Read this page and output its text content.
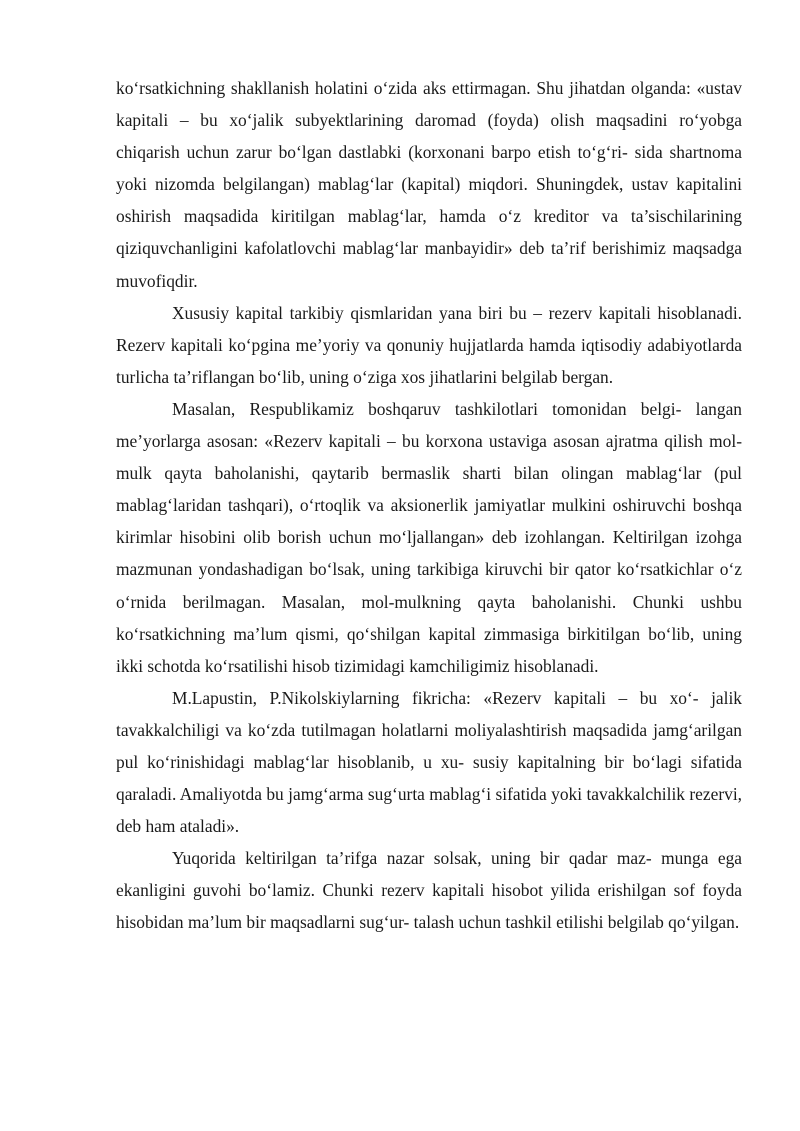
ko‘rsatkichning shakllanish holatini o‘zida aks ettirmagan. Shu jihatdan olganda: «ustav kapitali – bu xo‘jalik subyektlarining daromad (foyda) olish maqsadini ro‘yobga chiqarish uchun zarur bo‘lgan dastlabki (korxonani barpo etish to‘g‘ri- sida shartnoma yoki nizomda belgilangan) mablag‘lar (kapital) miqdori. Shuningdek, ustav kapitalini oshirish maqsadida kiritilgan mablag‘lar, hamda o‘z kreditor va ta’sischilarining qiziquvchanligini kafolatlovchi mablag‘lar manbayidir» deb ta’rif berishimiz maqsadga muvofiqdir.

Xususiy kapital tarkibiy qismlaridan yana biri bu – rezerv kapitali hisoblanadi. Rezerv kapitali ko‘pgina me’yoriy va qonuniy hujjatlarda hamda iqtisodiy adabiyotlarda turlicha ta’riflangan bo‘lib, uning o‘ziga xos jihatlarini belgilab bergan.

Masalan, Respublikamiz boshqaruv tashkilotlari tomonidan belgi- langan me’yorlarga asosan: «Rezerv kapitali – bu korxona ustaviga asosan ajratma qilish mol-mulk qayta baholanishi, qaytarib bermaslik sharti bilan olingan mablag‘lar (pul mablag‘laridan tashqari), o‘rtoqlik va aksionerlik jamiyatlar mulkini oshiruvchi boshqa kirimlar hisobini olib borish uchun mo‘ljallangan» deb izohlangan. Keltirilgan izohga mazmunan yondashadigan bo‘lsak, uning tarkibiga kiruvchi bir qator ko‘rsatkichlar o‘z o‘rnida berilmagan. Masalan, mol-mulkning qayta baholanishi. Chunki ushbu ko‘rsatkichning ma’lum qismi, qo‘shilgan kapital zimmasiga birkitilgan bo‘lib, uning ikki schotda ko‘rsatilishi hisob tizimidagi kamchiligimiz hisoblanadi.

M.Lapustin, P.Nikolskiylarning fikricha: «Rezerv kapitali – bu xo‘- jalik tavakkalchiligi va ko‘zda tutilmagan holatlarni moliyalashtirish maqsadida jamg‘arilgan pul ko‘rinishidagi mablag‘lar hisoblanib, u xu- susiy kapitalning bir bo‘lagi sifatida qaraladi. Amaliyotda bu jamg‘arma sug‘urta mablag‘i sifatida yoki tavakkalchilik rezervi, deb ham ataladi».

Yuqorida keltirilgan ta’rifga nazar solsak, uning bir qadar maz- munga ega ekanligini guvohi bo‘lamiz. Chunki rezerv kapitali hisobot yilida erishilgan sof foyda hisobidan ma’lum bir maqsadlarni sug‘ur- talash uchun tashkil etilishi belgilab qo‘yilgan.
